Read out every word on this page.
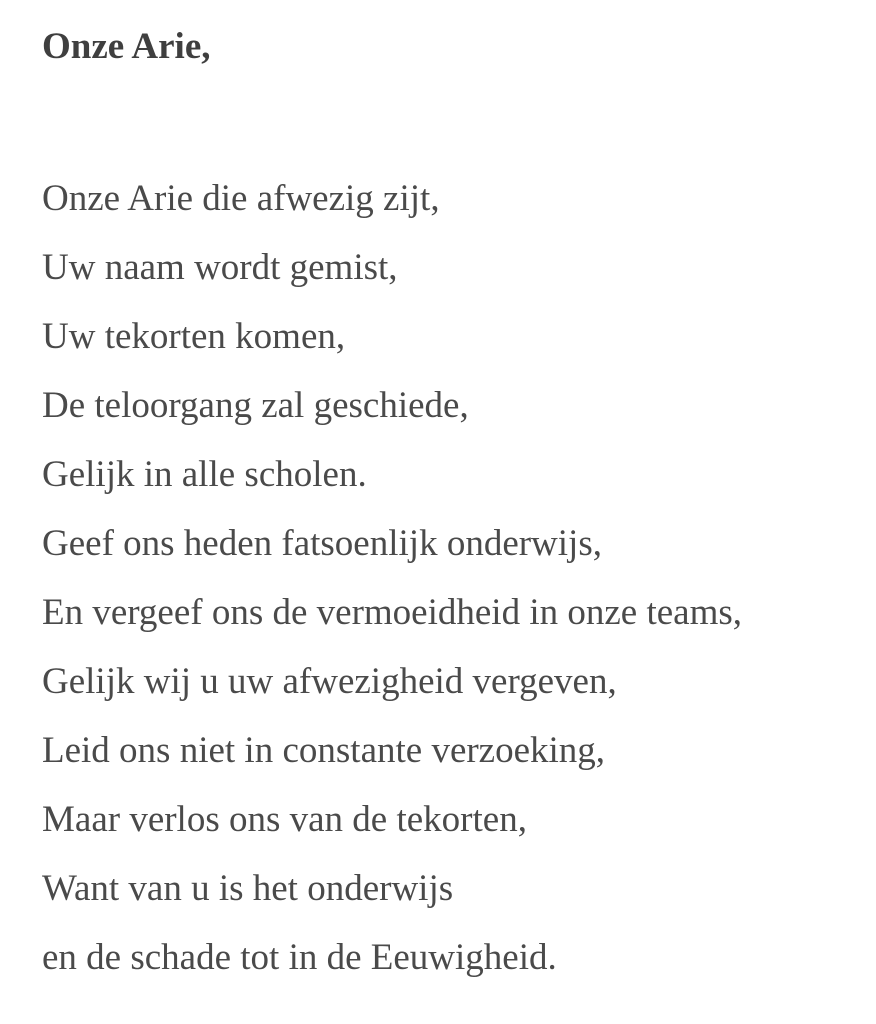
Onze Arie,
Onze Arie die afwezig zijt,
Uw naam wordt gemist,
Uw tekorten komen,
De teloorgang zal geschiede,
Gelijk in alle scholen.
Geef ons heden fatsoenlijk onderwijs,
En vergeef ons de vermoeidheid in onze teams,
Gelijk wij u uw afwezigheid vergeven,
Leid ons niet in constante verzoeking,
Maar verlos ons van de tekorten,
Want van u is het onderwijs
en de schade tot in de Eeuwigheid.
